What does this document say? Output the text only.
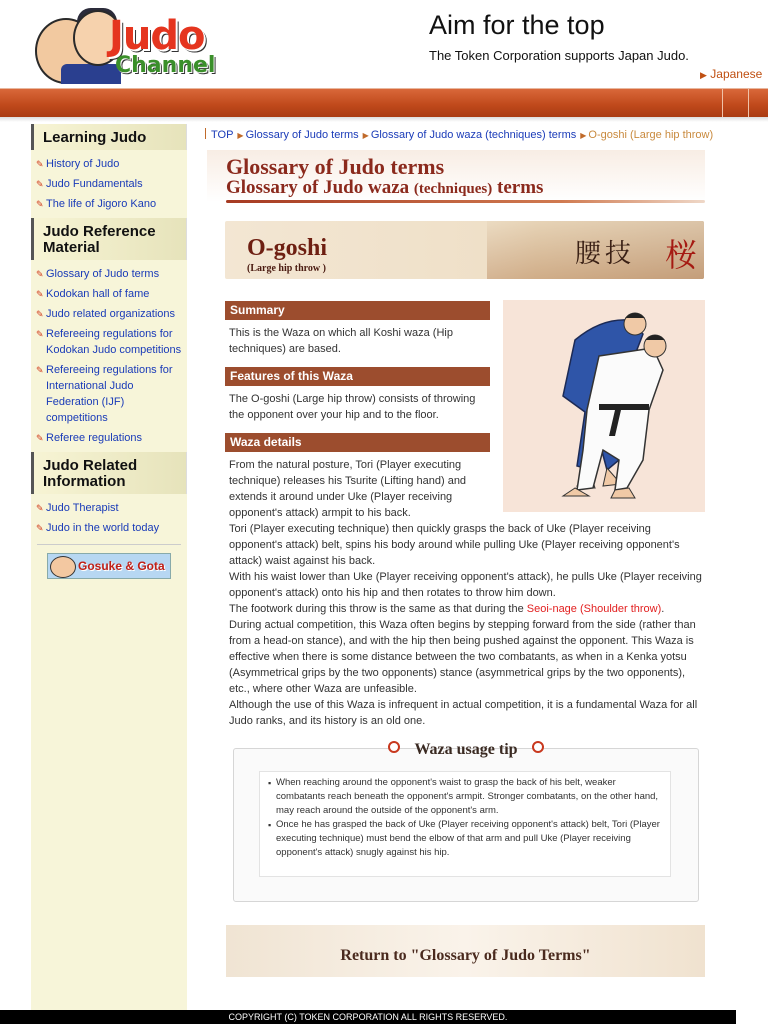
Judo
Channel
Aim for the top
The Token Corporation supports Japan Judo.
▶ Japanese
Learning Judo
✎ History of Judo
✎ Judo Fundamentals
✎ The life of Jigoro Kano
Judo Reference Material
✎ Glossary of Judo terms
✎ Kodokan hall of fame
✎ Judo related organizations
✎ Refereeing regulations for Kodokan Judo competitions
✎ Refereeing regulations for International Judo Federation (IJF) competitions
✎ Referee regulations
Judo Related Information
✎ Judo Therapist
✎ Judo in the world today
Gosuke & Gota
TOP ▶ Glossary of Judo terms ▶ Glossary of Judo waza (techniques) terms ▶ O-goshi (Large hip throw)
Glossary of Judo terms
Glossary of Judo waza (techniques) terms
O-goshi
(Large hip throw )	腰技 桜
Summary
This is the Waza on which all Koshi waza (Hip techniques) are based.
Features of this Waza
The O-goshi (Large hip throw) consists of throwing the opponent over your hip and to the floor.
Waza details

From the natural posture, Tori (Player executing technique) releases his Tsurite (Lifting hand) and extends it around under Uke (Player receiving opponent's attack) armpit to his back.

Tori (Player executing technique) then quickly grasps the back of Uke (Player receiving opponent's attack) belt, spins his body around while pulling Uke (Player receiving opponent's attack) waist against his back.

With his waist lower than Uke (Player receiving opponent's attack), he pulls Uke (Player receiving opponent's attack) onto his hip and then rotates to throw him down.

The footwork during this throw is the same as that during the Seoi-nage (Shoulder throw).

During actual competition, this Waza often begins by stepping forward from the side (rather than from a head-on stance), and with the hip then being pushed against the opponent. This Waza is effective when there is some distance between the two combatants, as when in a Kenka yotsu (Asymmetrical grips by the two opponents) stance (asymmetrical grips by the two opponents), etc., where other Waza are unfeasible.

Although the use of this Waza is infrequent in actual competition, it is a fundamental Waza for all Judo ranks, and its history is an old one.

Waza usage tip
▪ When reaching around the opponent's waist to grasp the back of his belt, weaker combatants reach beneath the opponent's armpit. Stronger combatants, on the other hand, may reach around the outside of the opponent's arm.
▪ Once he has grasped the back of Uke (Player receiving opponent's attack) belt, Tori (Player executing technique) must bend the elbow of that arm and pull Uke (Player receiving opponent's attack) snugly against his hip.
Return to "Glossary of Judo Terms"
COPYRIGHT (C) TOKEN CORPORATION ALL RIGHTS RESERVED.
